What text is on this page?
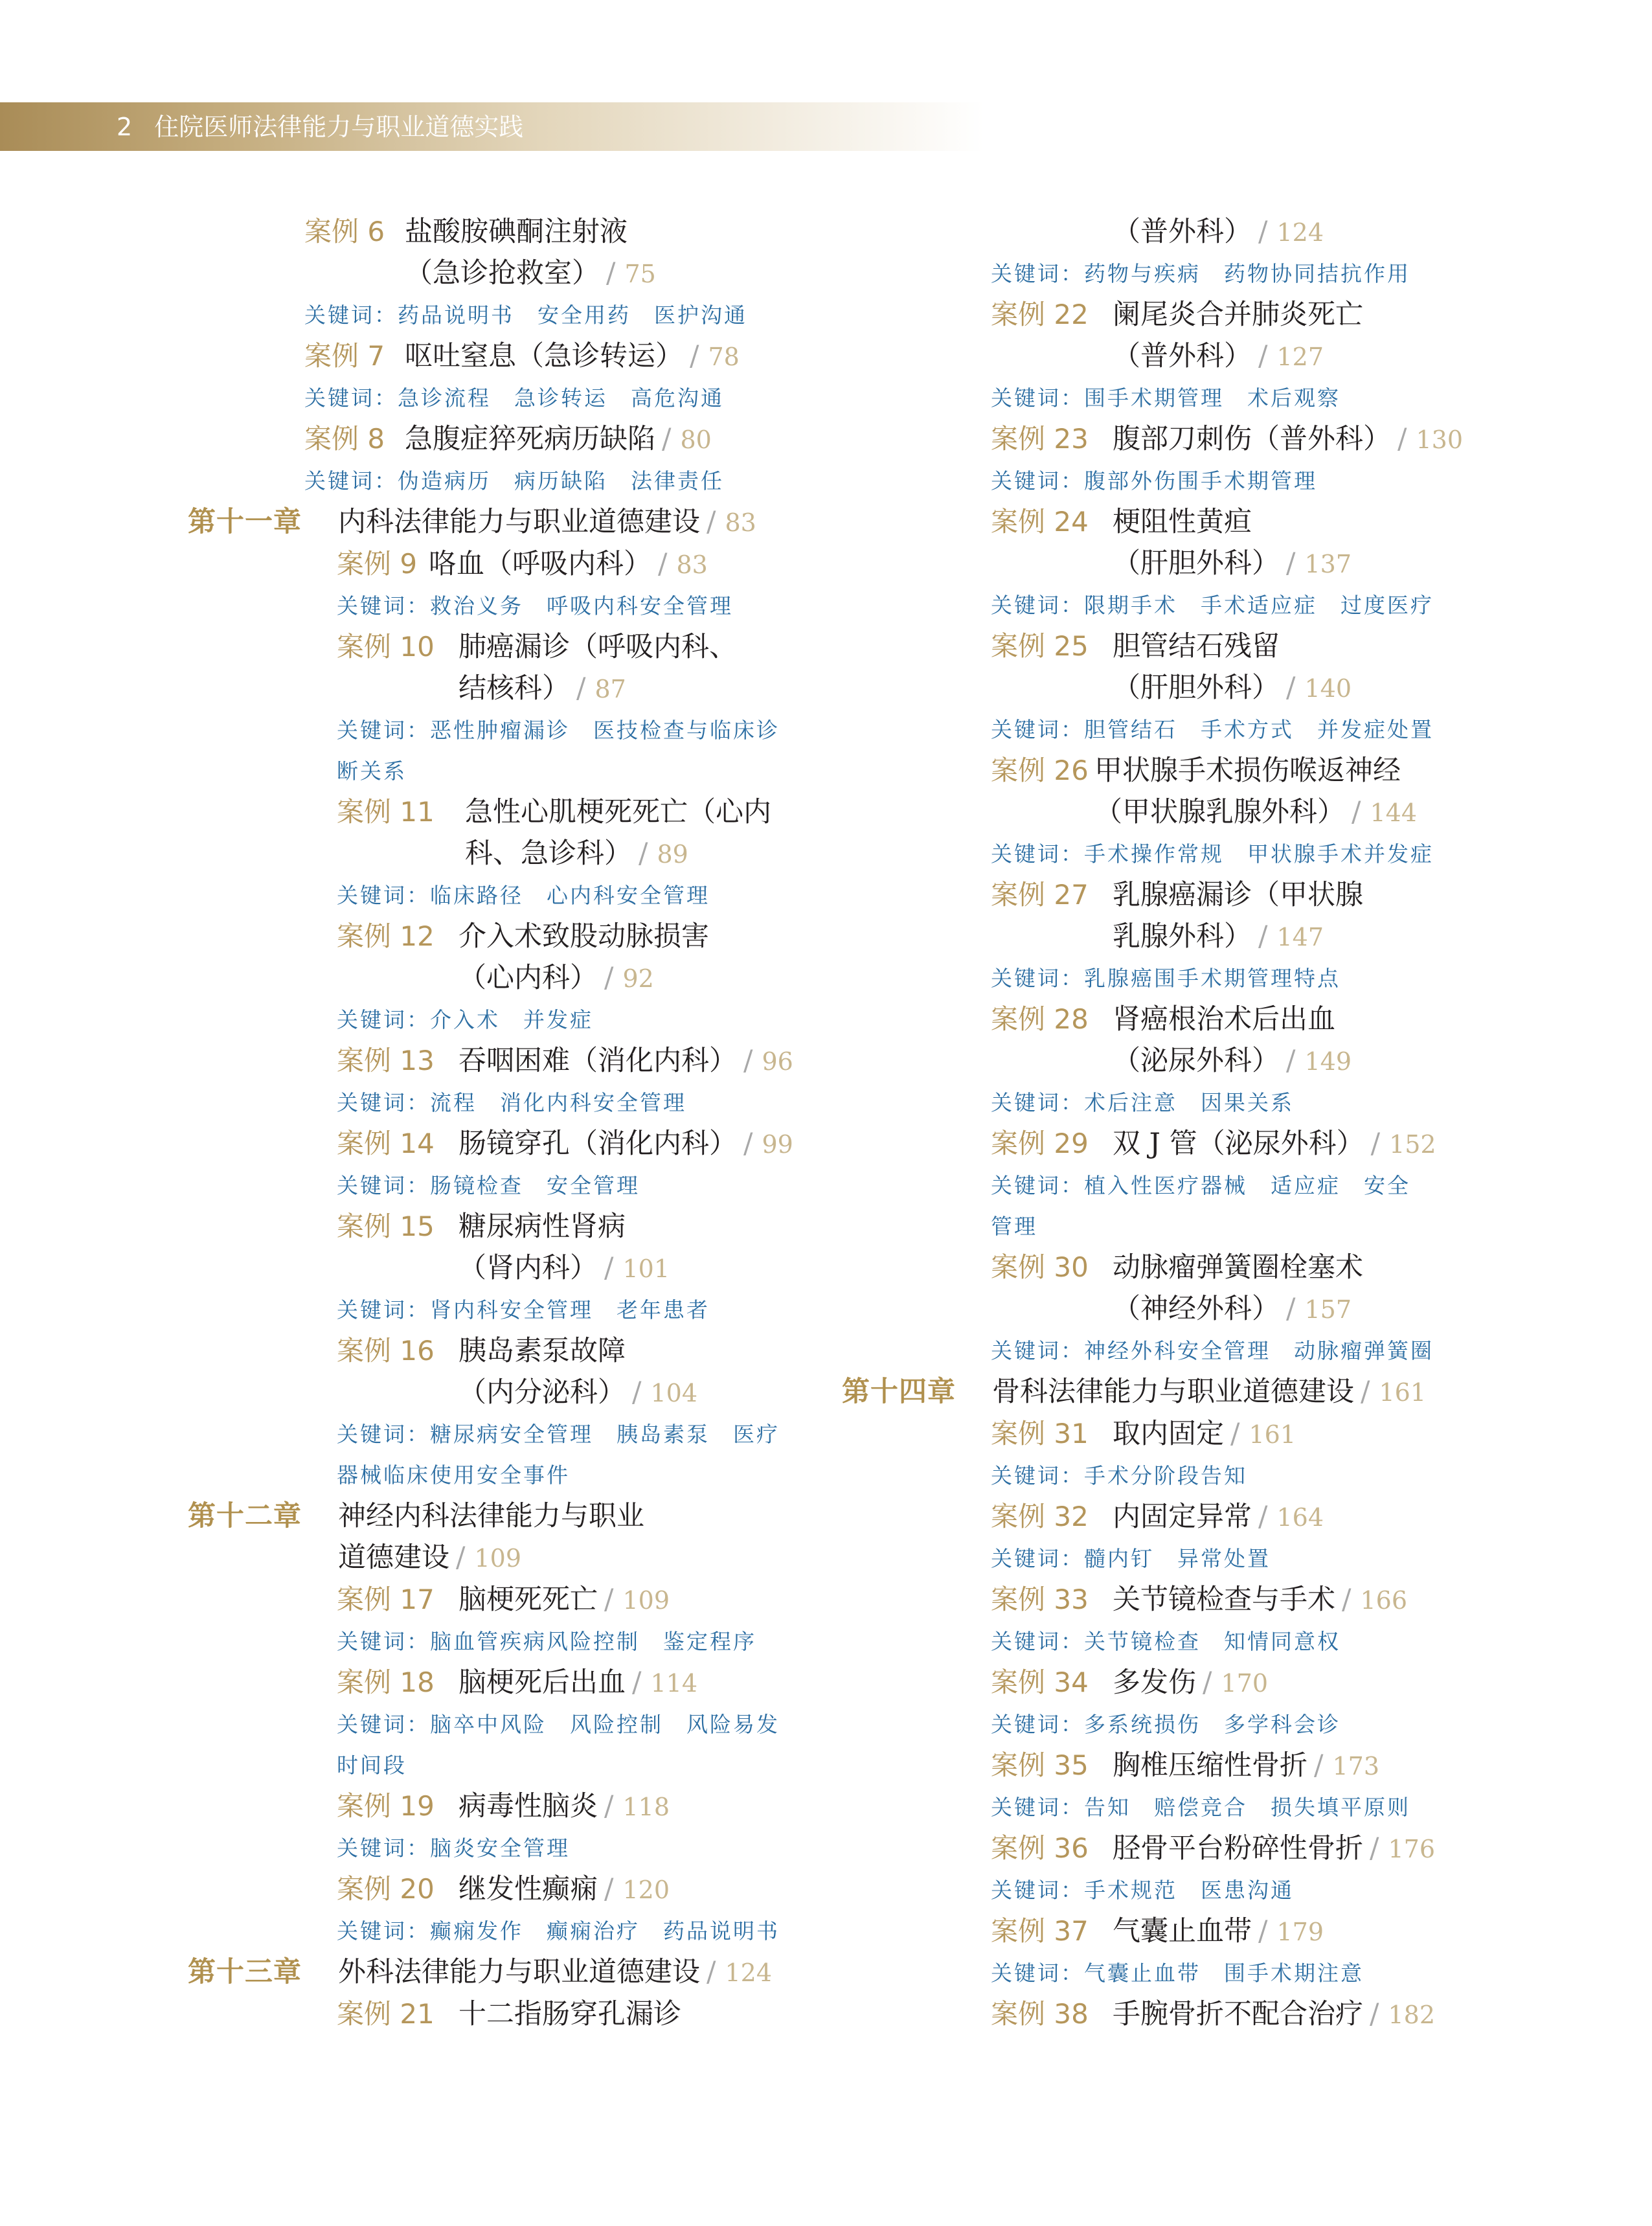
2 住院医师法律能力与职业道德实践
案例 6 盐酸胺碘酮注射液
（急诊抢救室） / 75
关键词：药品说明书　安全用药　医护沟通
案例 7 呕吐窒息（急诊转运） / 78
关键词：急诊流程　急诊转运　高危沟通
案例 8 急腹症猝死病历缺陷 / 80
关键词：伪造病历　病历缺陷　法律责任
第十一章	内科法律能力与职业道德建设 / 83
案例 9 咯血（呼吸内科） / 83
关键词：救治义务　呼吸内科安全管理
案例 10 肺癌漏诊（呼吸内科、
结核科） / 87
关键词：恶性肿瘤漏诊　医技检查与临床诊
断关系
案例 11	急性心肌梗死死亡（心内
科、急诊科） / 89
关键词：临床路径　心内科安全管理
案例 12 介入术致股动脉损害
（心内科） / 92
关键词：介入术　并发症
案例 13 吞咽困难（消化内科） / 96
关键词：流程　消化内科安全管理
案例 14 肠镜穿孔（消化内科） / 99
关键词：肠镜检查　安全管理
案例 15 糖尿病性肾病
（肾内科） / 101
关键词：肾内科安全管理　老年患者
案例 16 胰岛素泵故障
（内分泌科） / 104
关键词：糖尿病安全管理　胰岛素泵　医疗
器械临床使用安全事件
第十二章	神经内科法律能力与职业
道德建设 / 109
案例 17 脑梗死死亡 / 109
关键词：脑血管疾病风险控制　鉴定程序
案例 18 脑梗死后出血 / 114
关键词：脑卒中风险　风险控制　风险易发
时间段
案例 19 病毒性脑炎 / 118
关键词：脑炎安全管理
案例 20 继发性癫痫 / 120
关键词：癫痫发作　癫痫治疗　药品说明书
第十三章	外科法律能力与职业道德建设 / 124
案例 21 十二指肠穿孔漏诊
（普外科） / 124
关键词：药物与疾病　药物协同拮抗作用
案例 22 阑尾炎合并肺炎死亡
（普外科） / 127
关键词：围手术期管理　术后观察
案例 23 腹部刀刺伤（普外科） / 130
关键词：腹部外伤围手术期管理
案例 24 梗阻性黄疸
（肝胆外科） / 137
关键词：限期手术　手术适应症　过度医疗
案例 25 胆管结石残留
（肝胆外科） / 140
关键词：胆管结石　手术方式　并发症处置
案例 26 甲状腺手术损伤喉返神经
（甲状腺乳腺外科） / 144
关键词：手术操作常规　甲状腺手术并发症
案例 27 乳腺癌漏诊（甲状腺
乳腺外科） / 147
关键词：乳腺癌围手术期管理特点
案例 28 肾癌根治术后出血
（泌尿外科） / 149
关键词：术后注意　因果关系
案例 29 双 J 管（泌尿外科） / 152
关键词：植入性医疗器械　适应症　安全
管理
案例 30 动脉瘤弹簧圈栓塞术
（神经外科） / 157
关键词：神经外科安全管理　动脉瘤弹簧圈
第十四章	骨科法律能力与职业道德建设 / 161
案例 31 取内固定 / 161
关键词：手术分阶段告知
案例 32 内固定异常 / 164
关键词：髓内钉　异常处置
案例 33 关节镜检查与手术 / 166
关键词：关节镜检查　知情同意权
案例 34 多发伤 / 170
关键词：多系统损伤　多学科会诊
案例 35 胸椎压缩性骨折 / 173
关键词：告知　赔偿竞合　损失填平原则
案例 36 胫骨平台粉碎性骨折 / 176
关键词：手术规范　医患沟通
案例 37 气囊止血带 / 179
关键词：气囊止血带　围手术期注意
案例 38 手腕骨折不配合治疗 / 182
